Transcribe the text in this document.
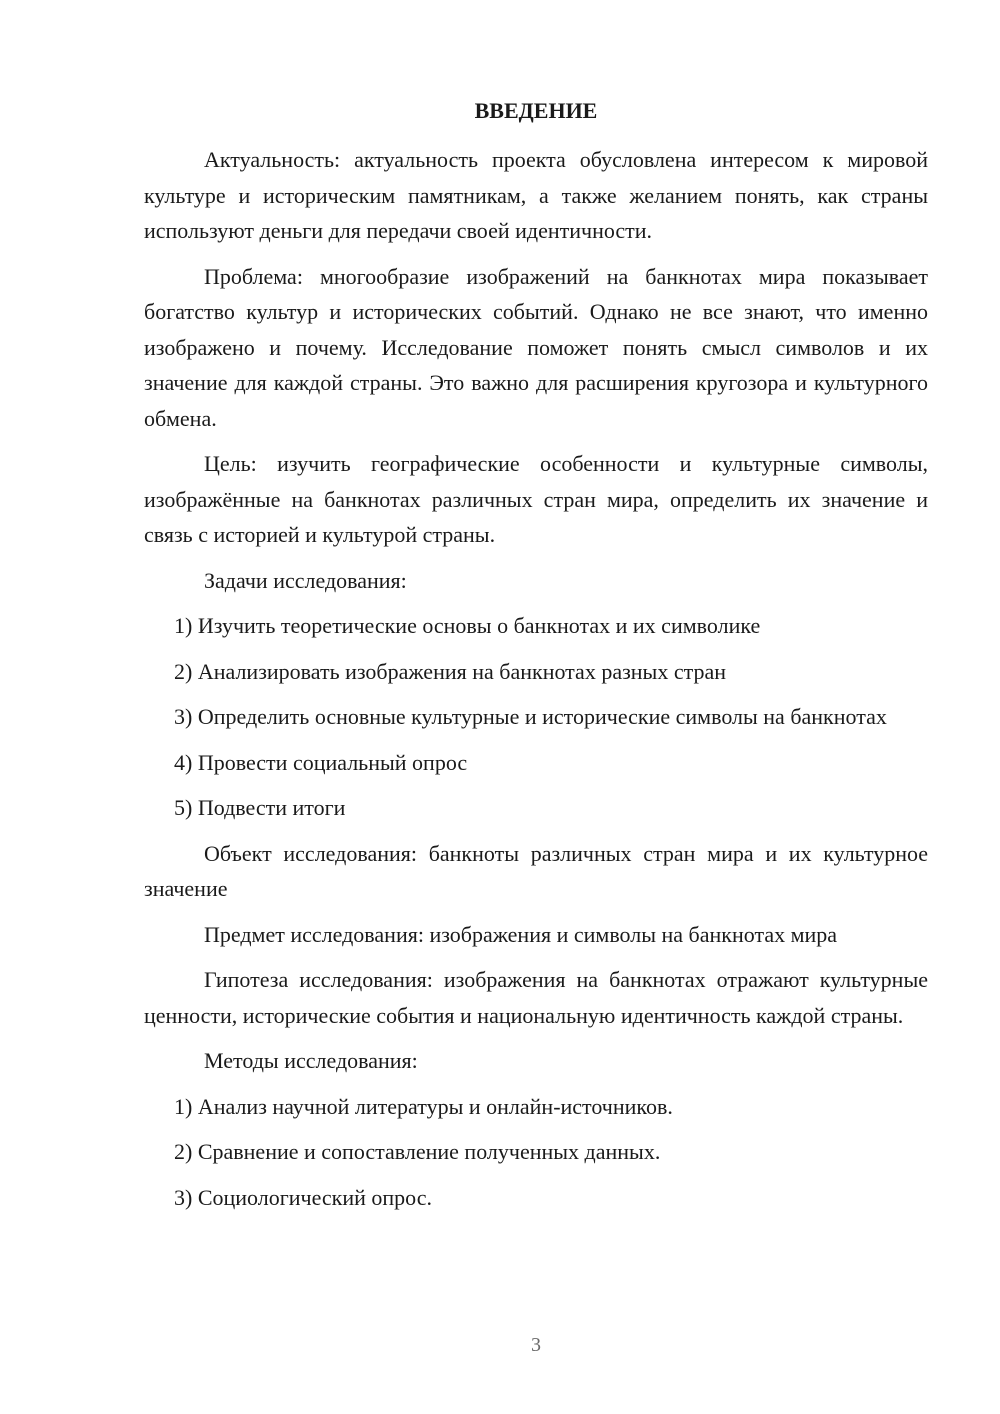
ВВЕДЕНИЕ

Актуальность: актуальность проекта обусловлена интересом к мировой культуре и историческим памятникам, а также желанием понять, как страны используют деньги для передачи своей идентичности.

Проблема: многообразие изображений на банкнотах мира показывает богатство культур и исторических событий. Однако не все знают, что именно изображено и почему. Исследование поможет понять смысл символов и их значение для каждой страны. Это важно для расширения кругозора и культурного обмена.

Цель: изучить географические особенности и культурные символы, изображённые на банкнотах различных стран мира, определить их значение и связь с историей и культурой страны.

Задачи исследования:

1) Изучить теоретические основы о банкнотах и их символике

2) Анализировать изображения на банкнотах разных стран

3) Определить основные культурные и исторические символы на банкнотах

4) Провести социальный опрос

5) Подвести итоги

Объект исследования: банкноты различных стран мира и их культурное значение

Предмет исследования: изображения и символы на банкнотах мира

Гипотеза исследования: изображения на банкнотах отражают культурные ценности, исторические события и национальную идентичность каждой страны.

Методы исследования:

1) Анализ научной литературы и онлайн-источников.

2) Сравнение и сопоставление полученных данных.

3) Социологический опрос.

3
